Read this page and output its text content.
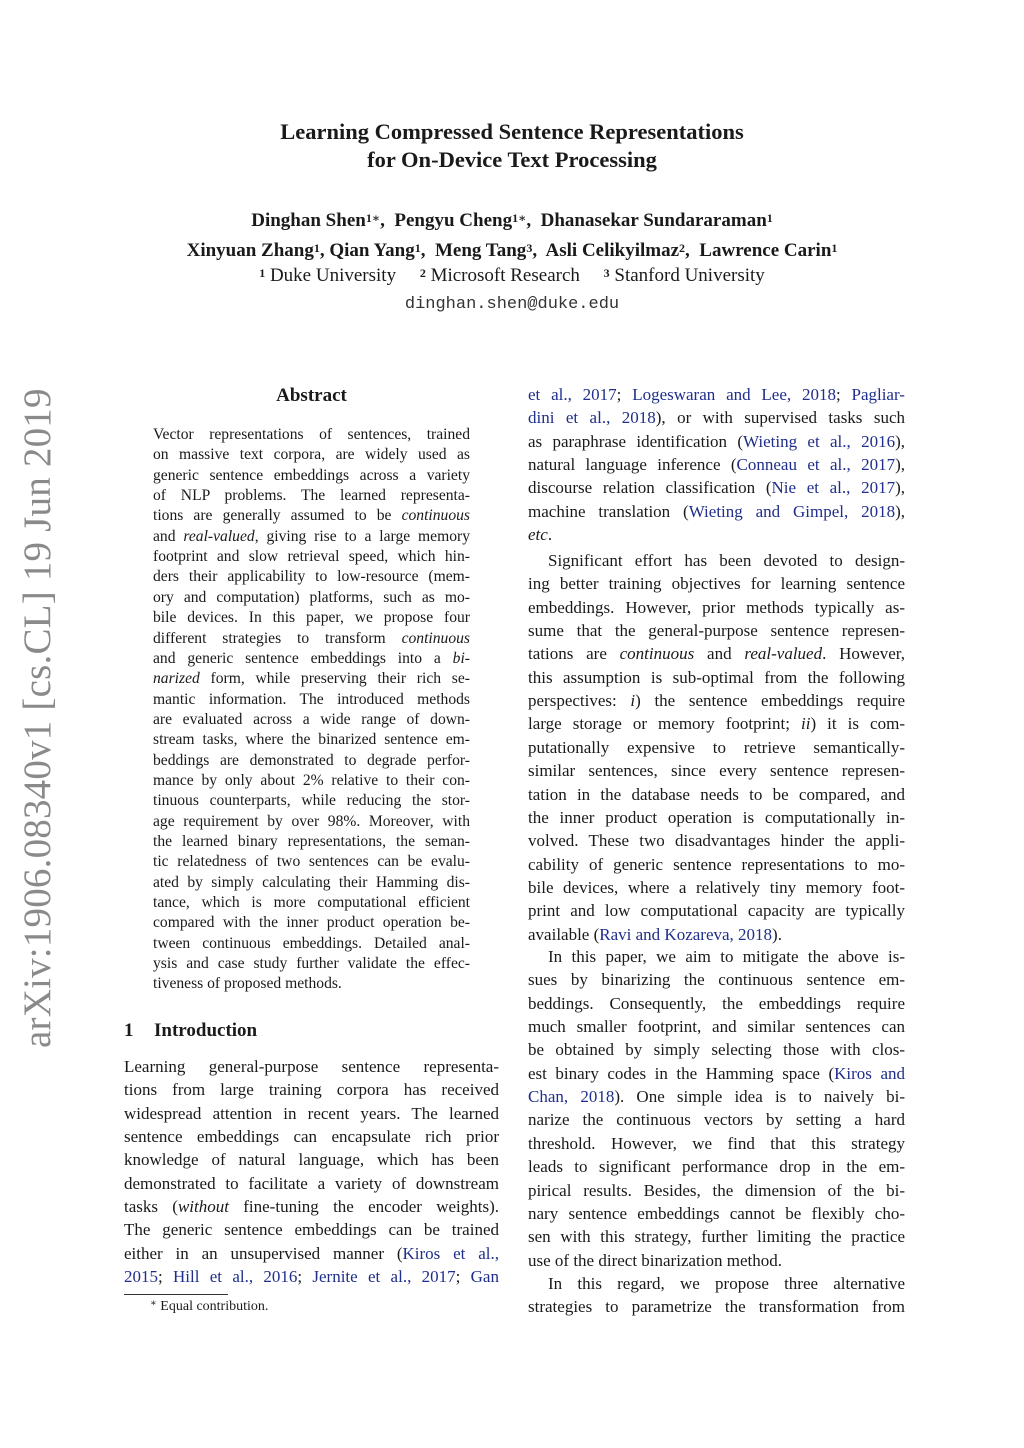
arXiv:1906.08340v1 [cs.CL] 19 Jun 2019
Learning Compressed Sentence Representations
for On-Device Text Processing
Dinghan Shen$^{1∗}$,  Pengyu Cheng$^{1∗}$,  Dhanasekar Sundararaman$^1$
Xinyuan Zhang$^1$, Qian Yang$^1$,  Meng Tang$^3$,  Asli Celikyilmaz$^2$,  Lawrence Carin$^1$
$^1$ Duke University $^2$ Microsoft Research $^3$ Stanford University
dinghan.shen@duke.edu
Abstract
Vector representations of sentences, trained
on massive text corpora, are widely used as
generic sentence embeddings across a variety
of NLP problems. The learned representa-
tions are generally assumed to be continuous
and real-valued, giving rise to a large memory
footprint and slow retrieval speed, which hin-
ders their applicability to low-resource (mem-
ory and computation) platforms, such as mo-
bile devices. In this paper, we propose four
different strategies to transform continuous
and generic sentence embeddings into a bi-
narized form, while preserving their rich se-
mantic information. The introduced methods
are evaluated across a wide range of down-
stream tasks, where the binarized sentence em-
beddings are demonstrated to degrade perfor-
mance by only about 2% relative to their con-
tinuous counterparts, while reducing the stor-
age requirement by over 98%. Moreover, with
the learned binary representations, the seman-
tic relatedness of two sentences can be evalu-
ated by simply calculating their Hamming dis-
tance, which is more computational efficient
compared with the inner product operation be-
tween continuous embeddings. Detailed anal-
ysis and case study further validate the effec-
tiveness of proposed methods.
1 Introduction
Learning general-purpose sentence representa-
tions from large training corpora has received
widespread attention in recent years. The learned
sentence embeddings can encapsulate rich prior
knowledge of natural language, which has been
demonstrated to facilitate a variety of downstream
tasks (without fine-tuning the encoder weights).
The generic sentence embeddings can be trained
either in an unsupervised manner (Kiros et al.,
2015; Hill et al., 2016; Jernite et al., 2017; Gan
∗ Equal contribution.
et al., 2017; Logeswaran and Lee, 2018; Pagliar-
dini et al., 2018), or with supervised tasks such
as paraphrase identification (Wieting et al., 2016),
natural language inference (Conneau et al., 2017),
discourse relation classification (Nie et al., 2017),
machine translation (Wieting and Gimpel, 2018),
etc.
Significant effort has been devoted to design-
ing better training objectives for learning sentence
embeddings. However, prior methods typically as-
sume that the general-purpose sentence represen-
tations are continuous and real-valued. However,
this assumption is sub-optimal from the following
perspectives: i) the sentence embeddings require
large storage or memory footprint; ii) it is com-
putationally expensive to retrieve semantically-
similar sentences, since every sentence represen-
tation in the database needs to be compared, and
the inner product operation is computationally in-
volved. These two disadvantages hinder the appli-
cability of generic sentence representations to mo-
bile devices, where a relatively tiny memory foot-
print and low computational capacity are typically
available (Ravi and Kozareva, 2018).
In this paper, we aim to mitigate the above is-
sues by binarizing the continuous sentence em-
beddings. Consequently, the embeddings require
much smaller footprint, and similar sentences can
be obtained by simply selecting those with clos-
est binary codes in the Hamming space (Kiros and
Chan, 2018). One simple idea is to naively bi-
narize the continuous vectors by setting a hard
threshold. However, we find that this strategy
leads to significant performance drop in the em-
pirical results. Besides, the dimension of the bi-
nary sentence embeddings cannot be flexibly cho-
sen with this strategy, further limiting the practice
use of the direct binarization method.
In this regard, we propose three alternative
strategies to parametrize the transformation from
